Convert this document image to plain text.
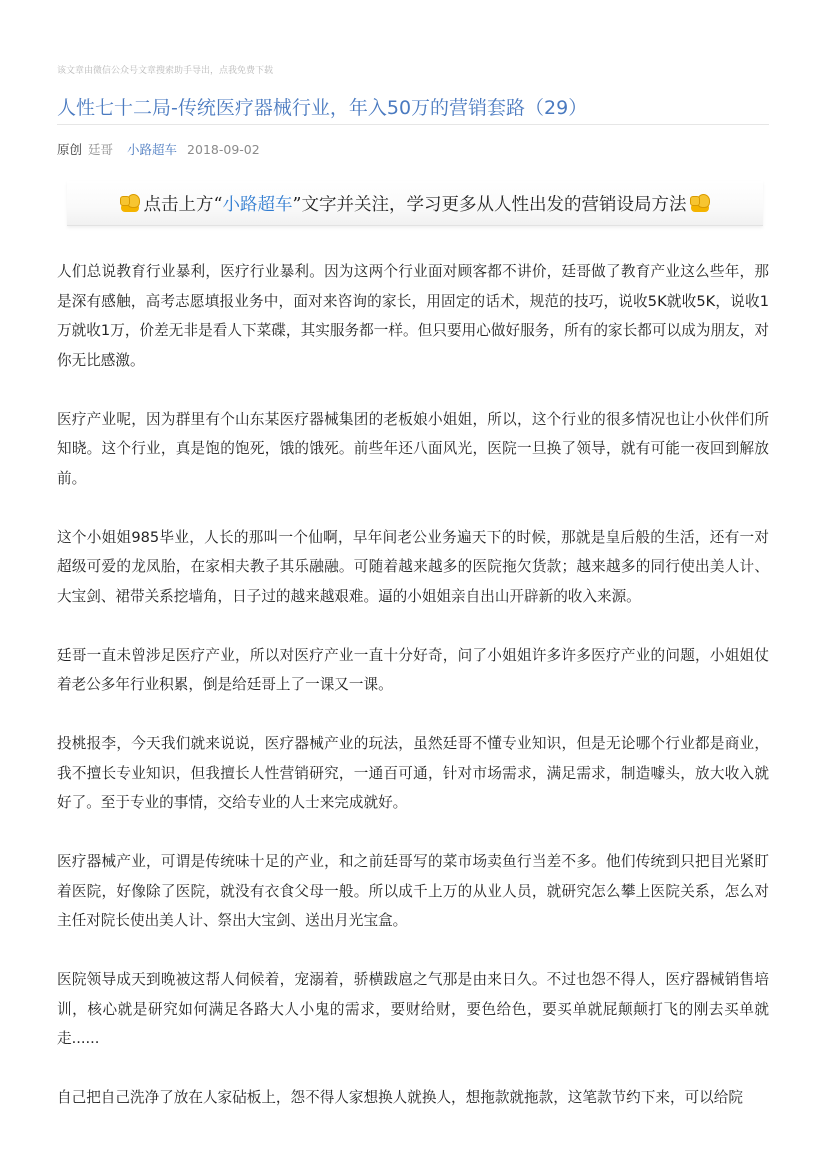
该文章由微信公众号文章搜索助手导出，点我免费下载
人性七十二局-传统医疗器械行业，年入50万的营销套路（29）
原创 廷哥 小路超车 2018-09-02
点击上方“ 小路超车 ”文字并关注，学习更多从人性出发的营销设局方法

人们总说教育行业暴利，医疗行业暴利。因为这两个行业面对顾客都不讲价，廷哥做了教育产业这么些年，那是深有感触，高考志愿填报业务中，面对来咨询的家长，用固定的话术，规范的技巧，说收5K就收5K，说收1万就收1万，价差无非是看人下菜碟，其实服务都一样。但只要用心做好服务，所有的家长都可以成为朋友，对你无比感激。

医疗产业呢，因为群里有个山东某医疗器械集团的老板娘小姐姐，所以，这个行业的很多情况也让小伙伴们所知晓。这个行业，真是饱的饱死，饿的饿死。前些年还八面风光，医院一旦换了领导，就有可能一夜回到解放前。

这个小姐姐985毕业，人长的那叫一个仙啊，早年间老公业务遍天下的时候，那就是皇后般的生活，还有一对超级可爱的龙凤胎，在家相夫教子其乐融融。可随着越来越多的医院拖欠货款；越来越多的同行使出美人计、大宝剑、裙带关系挖墙角，日子过的越来越艰难。逼的小姐姐亲自出山开辟新的收入来源。

廷哥一直未曾涉足医疗产业，所以对医疗产业一直十分好奇，问了小姐姐许多许多医疗产业的问题，小姐姐仗着老公多年行业积累，倒是给廷哥上了一课又一课。

投桃报李，今天我们就来说说，医疗器械产业的玩法，虽然廷哥不懂专业知识，但是无论哪个行业都是商业，我不擅长专业知识，但我擅长人性营销研究，一通百可通，针对市场需求，满足需求，制造噱头，放大收入就好了。至于专业的事情，交给专业的人士来完成就好。

医疗器械产业，可谓是传统味十足的产业，和之前廷哥写的菜市场卖鱼行当差不多。他们传统到只把目光紧盯着医院，好像除了医院，就没有衣食父母一般。所以成千上万的从业人员，就研究怎么攀上医院关系，怎么对主任对院长使出美人计、祭出大宝剑、送出月光宝盒。

医院领导成天到晚被这帮人伺候着，宠溺着，骄横跋扈之气那是由来日久。不过也怨不得人，医疗器械销售培训，核心就是研究如何满足各路大人小鬼的需求，要财给财，要色给色，要买单就屁颠颠打飞的刚去买单就走......

自己把自己洗净了放在人家砧板上，怨不得人家想换人就换人，想拖款就拖款，这笔款节约下来，可以给院
